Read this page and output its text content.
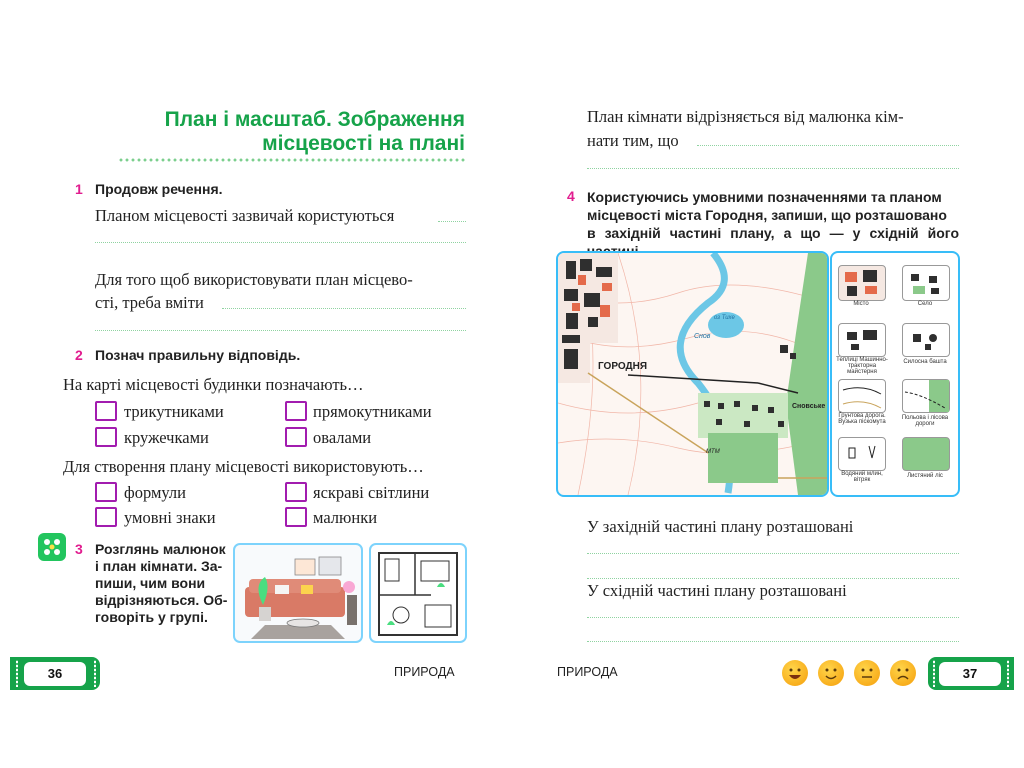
План і масштаб. Зображення
місцевості на плані
1 Продовж речення.
Планом місцевості зазвичай користуються
Для того щоб використовувати план місцево-
сті, треба вміти
2 Познач правильну відповідь.
На карті місцевості будинки позначають…
трикутниками	прямокутниками
кружечками	овалами
Для створення плану місцевості використовують…
формули	яскраві світлини
умовні знаки	малюнки
3 Розглянь малюнок
і план кімнати. За-
пиши, чим вони
відрізняються. Об-
говоріть у групі.
36	ПРИРОДА
План кімнати відрізняється від малюнка кім-
нати тим, що
4 Користуючись умовними позначеннями та планом
місцевості міста Городня, запиши, що розташовано
в західній частині плану, а що — у східній його
ГОРОДНЯ
Сновське
Снов
оз Тихе
МТМ
Місто	Село
Теплиці Машинно-тракторна майстерня
Силосна башта
Ґрунтова дорога. Вузька піскомута
Польова і лісова дороги
Водяний млин, вітряк
Листяний ліс
У західній частині плану розташовані
У східній частині плану розташовані
ПРИРОДА	37
